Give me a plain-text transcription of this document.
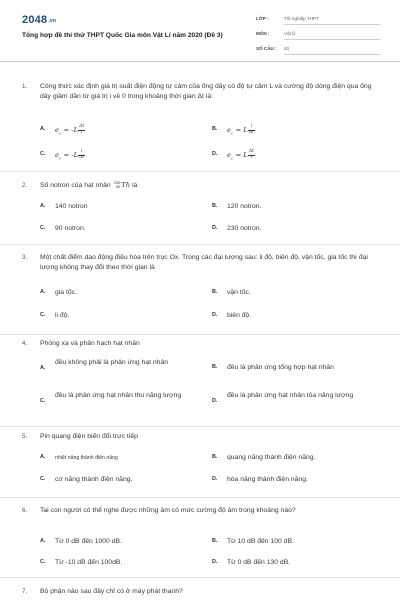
2048.vn
Tổng hợp đề thi thử THPT Quốc Gia môn Vật Lí năm 2020 (Đề 3)
LỚP :	Tốt nghiệp THPT
MÔN :	Vật lý
SỐ CÂU : 40
1. Công thức xác định giá trị suất điện động tự cảm của ống dây có độ tự cảm L và cường độ dòng điện qua ống dây giảm dần từ giá trị i về 0 trong khoảng thời gian Δt là:
A. $e_c = -L \frac{\Delta t}{i}$	B. $e_c = L \frac{i}{\Delta t}$
C. $e_c = -L \frac{i}{\Delta t}$	D. $e_c = L \frac{\Delta t}{i}$
2. Số notron của hạt nhân 230
90 Th là
A. 140 notron	B. 120 notron.
C. 90 notron.	D. 230 notron.
3. Một chất điểm dao động điều hòa trên trục Ox. Trong các đại lượng sau: li độ, biên độ, vận tốc, gia tốc thì đại lượng không thay đổi theo thời gian là
A. gia tốc.	B. vận tốc.
C. li độ.	D. biên độ.
4. Phóng xạ và phân hạch hạt nhân
A.
đều không phải là phản ứng hạt nhân
B. đều là phản ứng tổng hợp hạt nhân
C.
đều là phản ứng hạt nhân thu năng lượng
D.
đều là phản ứng hạt nhân tỏa năng lượng
5. Pin quang điện biến đổi trực tiếp
A. nhiệt năng thành điện năng	B. quang năng thành điện năng.
C. cơ năng thành điện năng.	D. hóa năng thành điện năng.
6. Tai con người có thể nghe được những âm có mức cường độ âm trong khoảng nào?
A. Từ 0 dB đến 1000 dB.	B. Từ 10 dB đến 100 dB.
C. Từ -10 dB đến 100dB.	D. Từ 0 dB đến 130 dB.
7. Bộ phận nào sau đây chỉ có ở máy phát thanh?
